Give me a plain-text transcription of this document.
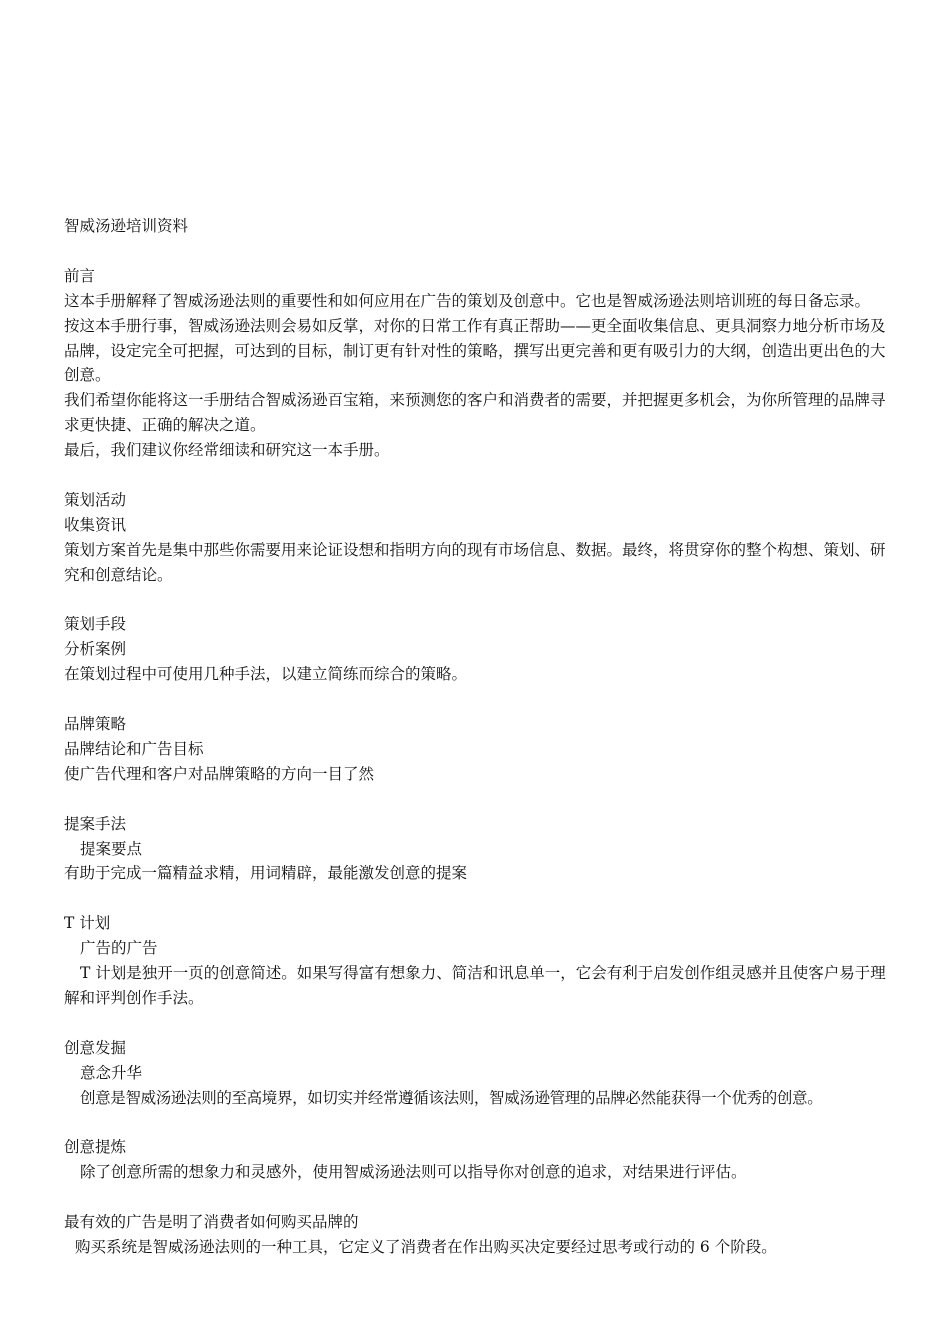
智威汤逊培训资料

前言

这本手册解释了智威汤逊法则的重要性和如何应用在广告的策划及创意中。它也是智威汤逊法则培训班的每日备忘录。

按这本手册行事，智威汤逊法则会易如反掌，对你的日常工作有真正帮助——更全面收集信息、更具洞察力地分析市场及品牌，设定完全可把握，可达到的目标，制订更有针对性的策略，撰写出更完善和更有吸引力的大纲，创造出更出色的大创意。

我们希望你能将这一手册结合智威汤逊百宝箱，来预测您的客户和消费者的需要，并把握更多机会，为你所管理的品牌寻求更快捷、正确的解决之道。

最后，我们建议你经常细读和研究这一本手册。

策划活动

收集资讯

策划方案首先是集中那些你需要用来论证设想和指明方向的现有市场信息、数据。最终，将贯穿你的整个构想、策划、研究和创意结论。

策划手段

分析案例

在策划过程中可使用几种手法，以建立简练而综合的策略。

品牌策略

品牌结论和广告目标

使广告代理和客户对品牌策略的方向一目了然

提案手法

提案要点

有助于完成一篇精益求精，用词精辟，最能激发创意的提案

T 计划

广告的广告

T 计划是独开一页的创意简述。如果写得富有想象力、简洁和讯息单一，它会有利于启发创作组灵感并且使客户易于理解和评判创作手法。

创意发掘

意念升华

创意是智威汤逊法则的至高境界，如切实并经常遵循该法则，智威汤逊管理的品牌必然能获得一个优秀的创意。

创意提炼

除了创意所需的想象力和灵感外，使用智威汤逊法则可以指导你对创意的追求，对结果进行评估。

最有效的广告是明了消费者如何购买品牌的

购买系统是智威汤逊法则的一种工具，它定义了消费者在作出购买决定要经过思考或行动的 6 个阶段。
